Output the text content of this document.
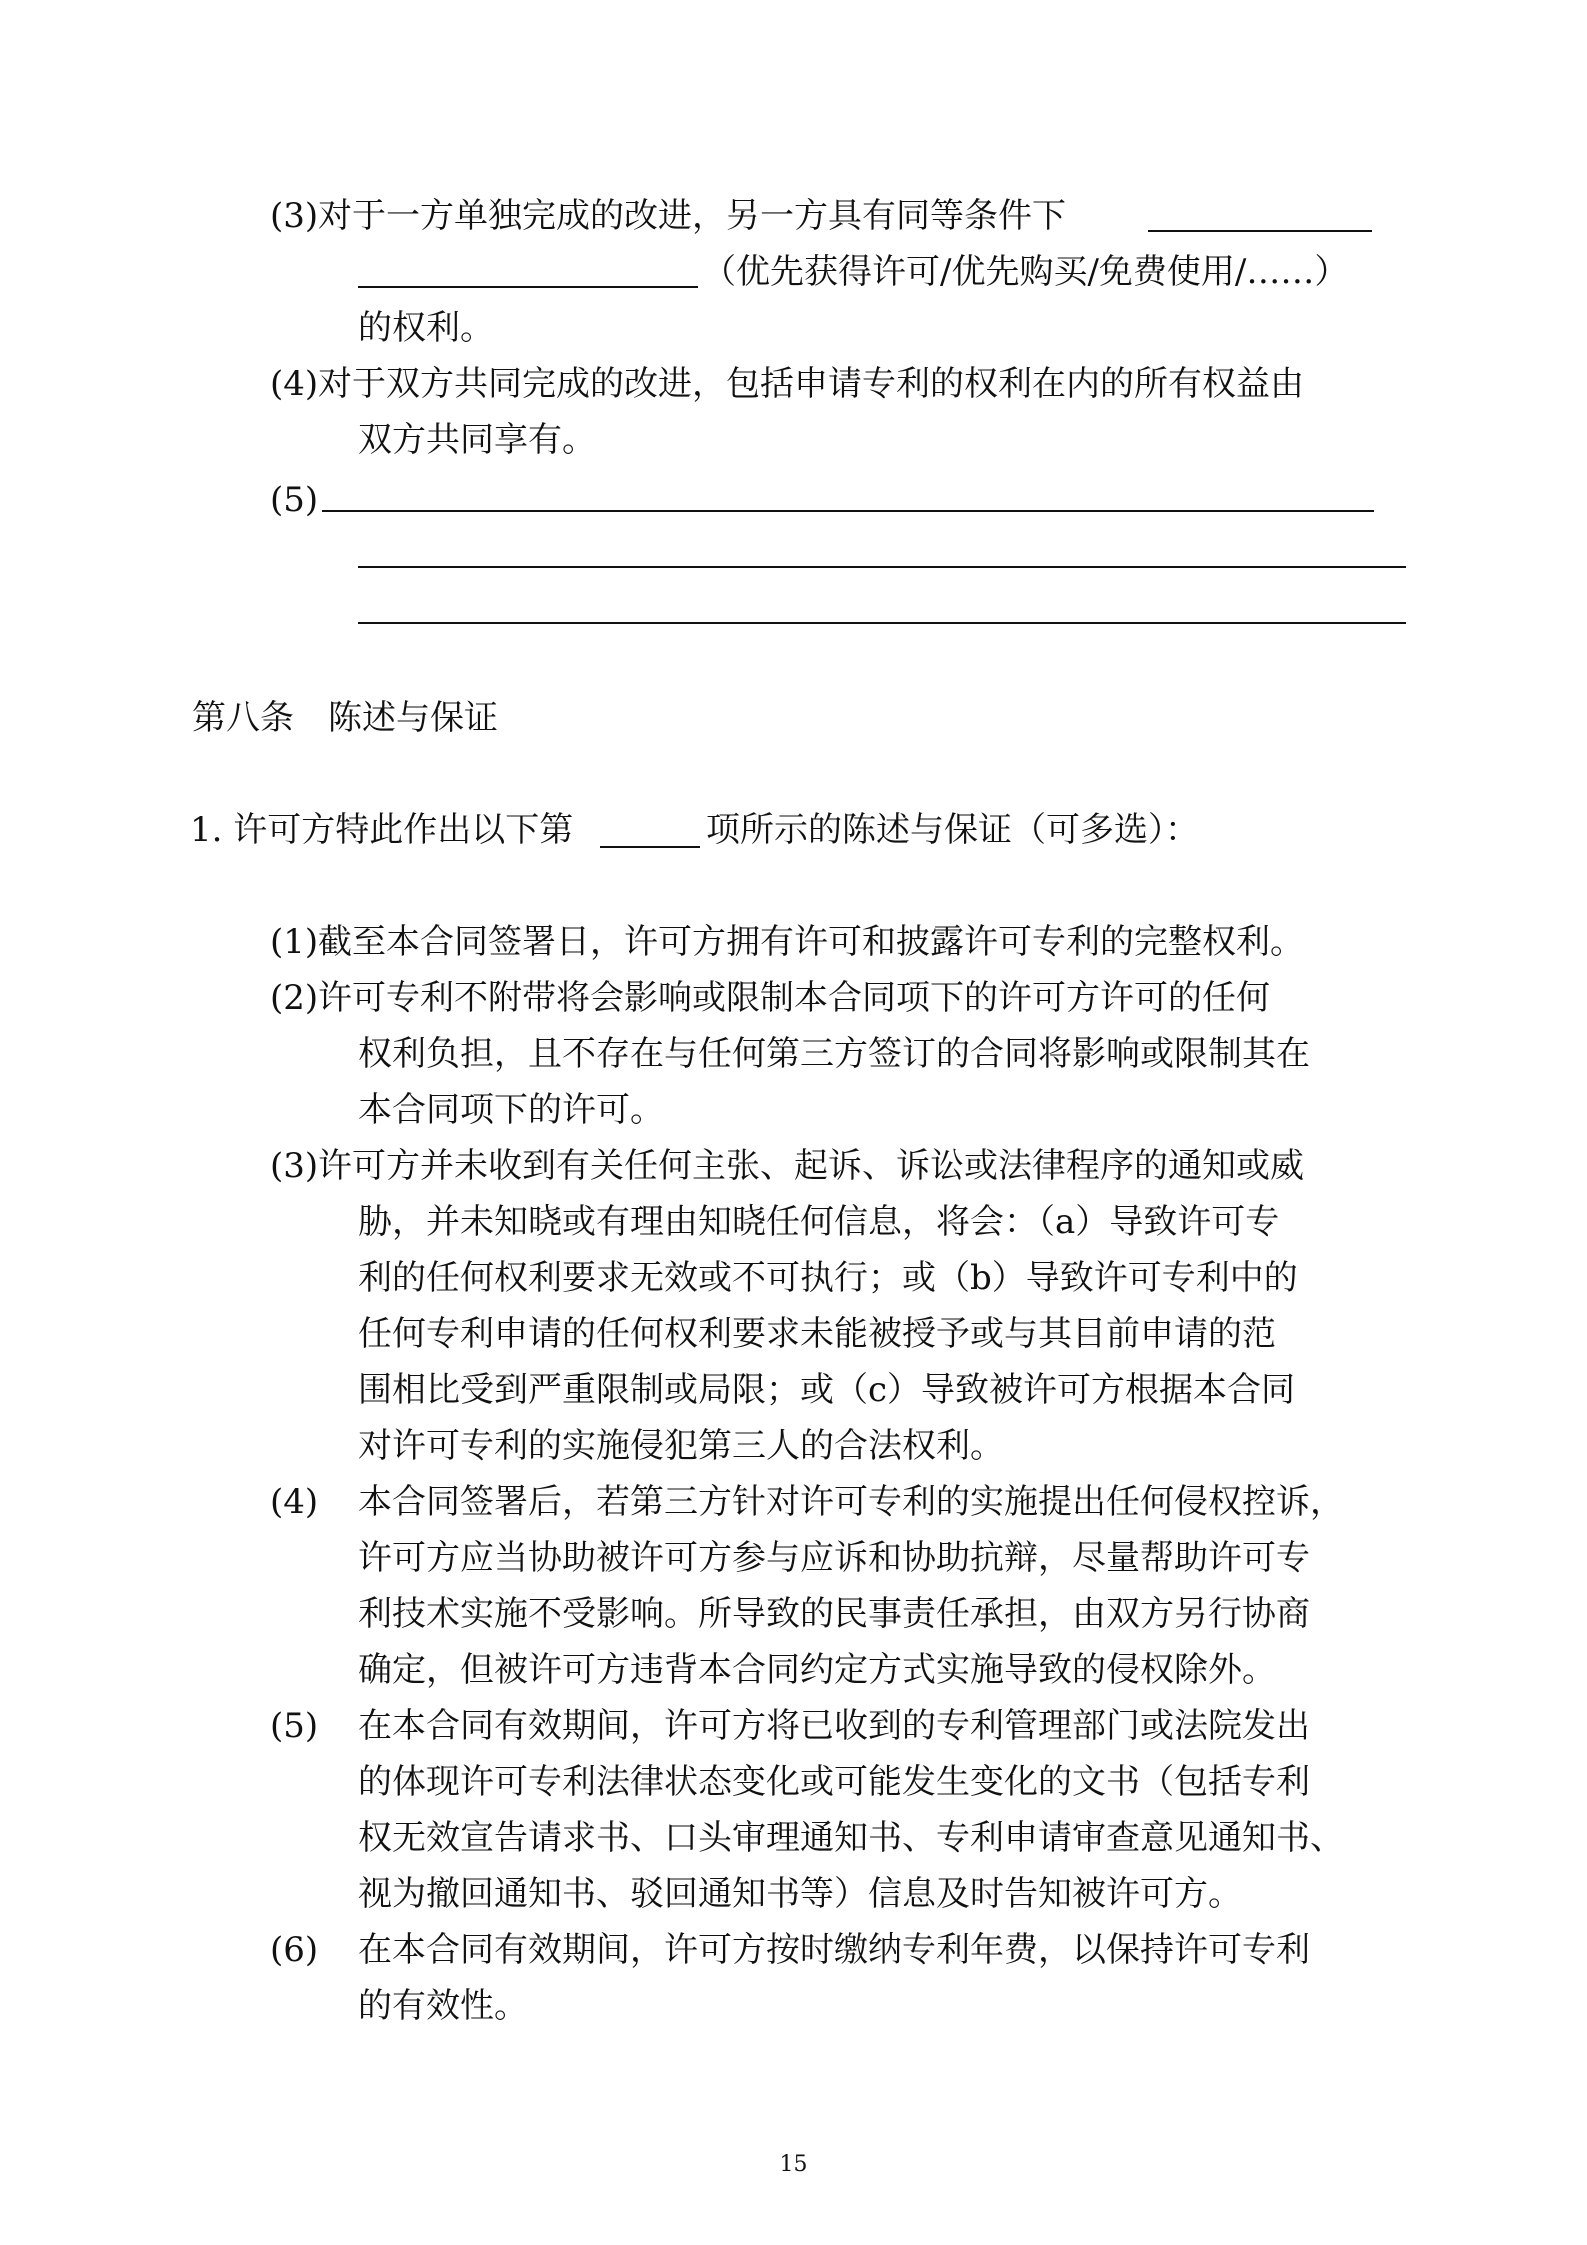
(3) 对于一方单独完成的改进，另一方具有同等条件下
（优先获得许可/优先购买/免费使用/……）
的权利。
(4) 对于双方共同完成的改进，包括申请专利的权利在内的所有权益由
双方共同享有。
(5)
第八条　陈述与保证
1. 许可方特此作出以下第	项所示的陈述与保证（可多选）：
(1) 截至本合同签署日，许可方拥有许可和披露许可专利的完整权利。
(2) 许可专利不附带将会影响或限制本合同项下的许可方许可的任何
权利负担，且不存在与任何第三方签订的合同将影响或限制其在
本合同项下的许可。
(3) 许可方并未收到有关任何主张、起诉、诉讼或法律程序的通知或威
胁，并未知晓或有理由知晓任何信息，将会：（a）导致许可专
利的任何权利要求无效或不可执行；或（b）导致许可专利中的
任何专利申请的任何权利要求未能被授予或与其目前申请的范
围相比受到严重限制或局限；或（c）导致被许可方根据本合同
对许可专利的实施侵犯第三人的合法权利。
(4) 本合同签署后，若第三方针对许可专利的实施提出任何侵权控诉，
许可方应当协助被许可方参与应诉和协助抗辩，尽量帮助许可专
利技术实施不受影响。所导致的民事责任承担，由双方另行协商
确定，但被许可方违背本合同约定方式实施导致的侵权除外。
(5) 在本合同有效期间，许可方将已收到的专利管理部门或法院发出
的体现许可专利法律状态变化或可能发生变化的文书（包括专利
权无效宣告请求书、口头审理通知书、专利申请审查意见通知书、
视为撤回通知书、驳回通知书等）信息及时告知被许可方。
(6) 在本合同有效期间，许可方按时缴纳专利年费，以保持许可专利
的有效性。
15
